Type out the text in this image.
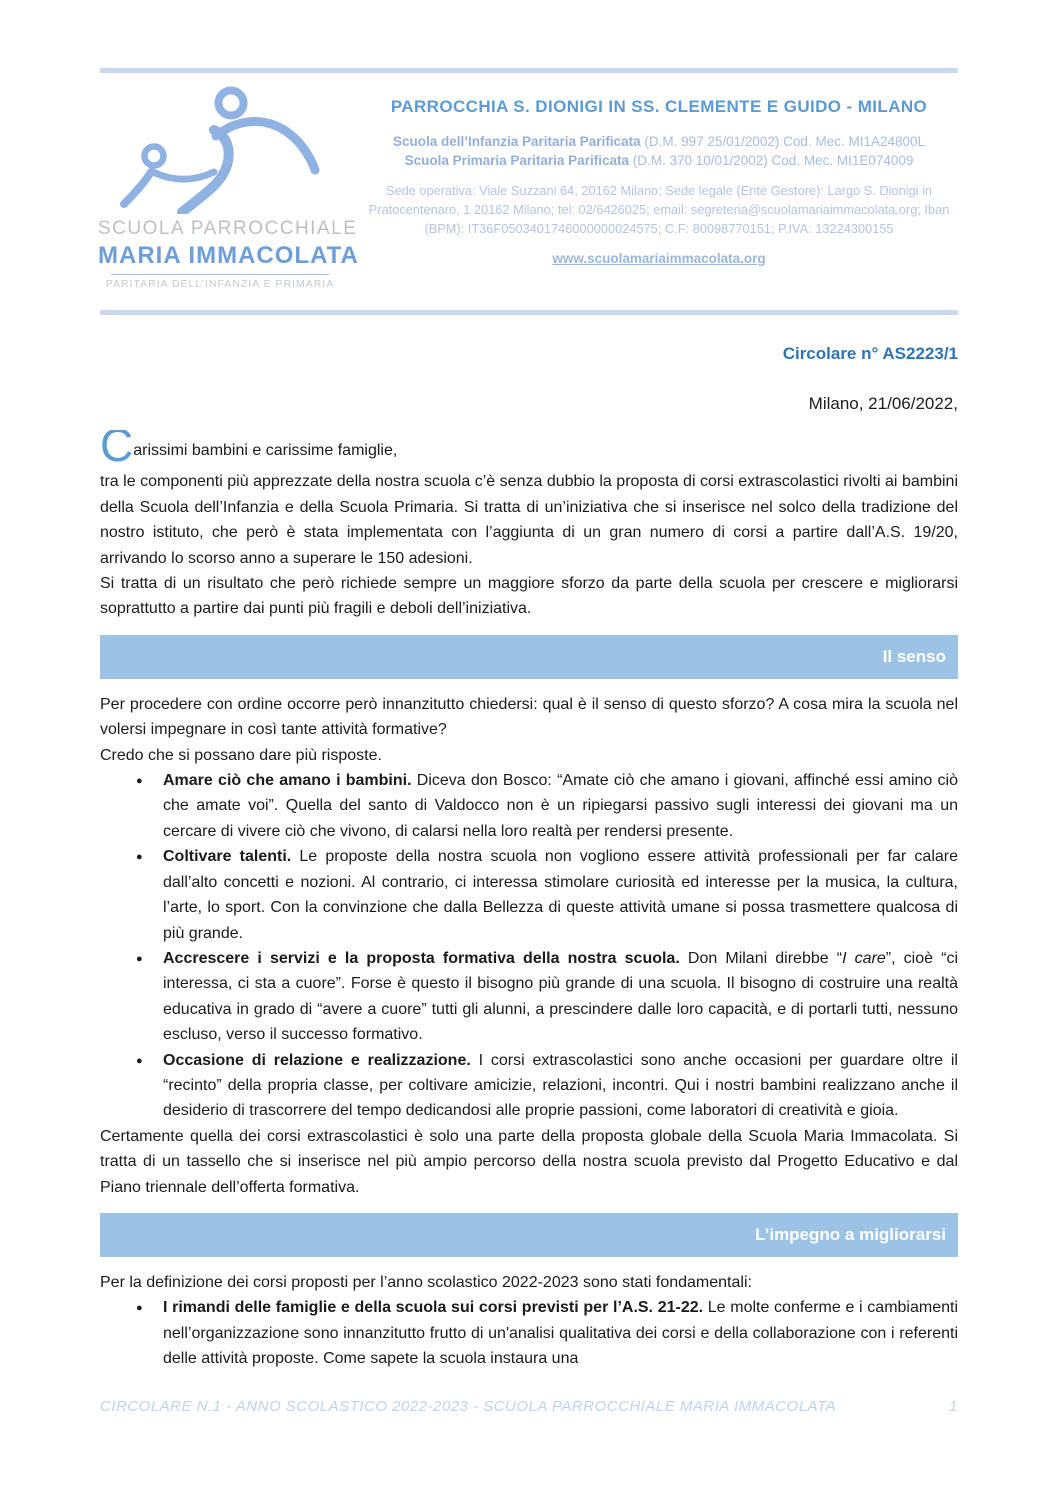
SCUOLA PARROCCHIALE
MARIA IMMACOLATA
PARITARIA DELL’INFANZIA E PRIMARIA
PARROCCHIA S. DIONIGI IN SS. CLEMENTE E GUIDO - MILANO
Scuola dell’Infanzia Paritaria Parificata (D.M. 997 25/01/2002) Cod. Mec. MI1A24800L
Scuola Primaria Paritaria Parificata (D.M. 370 10/01/2002) Cod. Mec. MI1E074009
Sede operativa: Viale Suzzani 64, 20162 Milano; Sede legale (Ente Gestore): Largo S. Dionigi in Pratocentenaro, 1 20162 Milano; tel: 02/6426025; email: segreteria@scuolamariaimmacolata.org; Iban (BPM): IT36F0503401746000000024575; C.F: 80098770151; P.IVA: 13224300155
www.scuolamariaimmacolata.org
Circolare n° AS2223/1
Milano, 21/06/2022,
Carissimi bambini e carissime famiglie,

tra le componenti più apprezzate della nostra scuola c’è senza dubbio la proposta di corsi extrascolastici rivolti ai bambini della Scuola dell’Infanzia e della Scuola Primaria. Si tratta di un’iniziativa che si inserisce nel solco della tradizione del nostro istituto, che però è stata implementata con l’aggiunta di un gran numero di corsi a partire dall’A.S. 19/20, arrivando lo scorso anno a superare le 150 adesioni.

Si tratta di un risultato che però richiede sempre un maggiore sforzo da parte della scuola per crescere e migliorarsi soprattutto a partire dai punti più fragili e deboli dell’iniziativa.

Il senso

Per procedere con ordine occorre però innanzitutto chiedersi: qual è il senso di questo sforzo? A cosa mira la scuola nel volersi impegnare in così tante attività formative?

Credo che si possano dare più risposte.

● Amare ciò che amano i bambini. Diceva don Bosco: “Amate ciò che amano i giovani, affinché essi amino ciò che amate voi”. Quella del santo di Valdocco non è un ripiegarsi passivo sugli interessi dei giovani ma un cercare di vivere ciò che vivono, di calarsi nella loro realtà per rendersi presente.
● Coltivare talenti. Le proposte della nostra scuola non vogliono essere attività professionali per far calare dall’alto concetti e nozioni. Al contrario, ci interessa stimolare curiosità ed interesse per la musica, la cultura, l’arte, lo sport. Con la convinzione che dalla Bellezza di queste attività umane si possa trasmettere qualcosa di più grande.
● Accrescere i servizi e la proposta formativa della nostra scuola. Don Milani direbbe “I care”, cioè “ci interessa, ci sta a cuore”. Forse è questo il bisogno più grande di una scuola. Il bisogno di costruire una realtà educativa in grado di “avere a cuore” tutti gli alunni, a prescindere dalle loro capacità, e di portarli tutti, nessuno escluso, verso il successo formativo.
● Occasione di relazione e realizzazione. I corsi extrascolastici sono anche occasioni per guardare oltre il “recinto” della propria classe, per coltivare amicizie, relazioni, incontri. Qui i nostri bambini realizzano anche il desiderio di trascorrere del tempo dedicandosi alle proprie passioni, come laboratori di creatività e gioia.

Certamente quella dei corsi extrascolastici è solo una parte della proposta globale della Scuola Maria Immacolata. Si tratta di un tassello che si inserisce nel più ampio percorso della nostra scuola previsto dal Progetto Educativo e dal Piano triennale dell’offerta formativa.

L’impegno a migliorarsi

Per la definizione dei corsi proposti per l’anno scolastico 2022-2023 sono stati fondamentali:

● I rimandi delle famiglie e della scuola sui corsi previsti per l’A.S. 21-22. Le molte conferme e i cambiamenti nell’organizzazione sono innanzitutto frutto di un'analisi qualitativa dei corsi e della collaborazione con i referenti delle attività proposte. Come sapete la scuola instaura una
CIRCOLARE N.1 - ANNO SCOLASTICO 2022-2023 - SCUOLA PARROCCHIALE MARIA IMMACOLATA	1
